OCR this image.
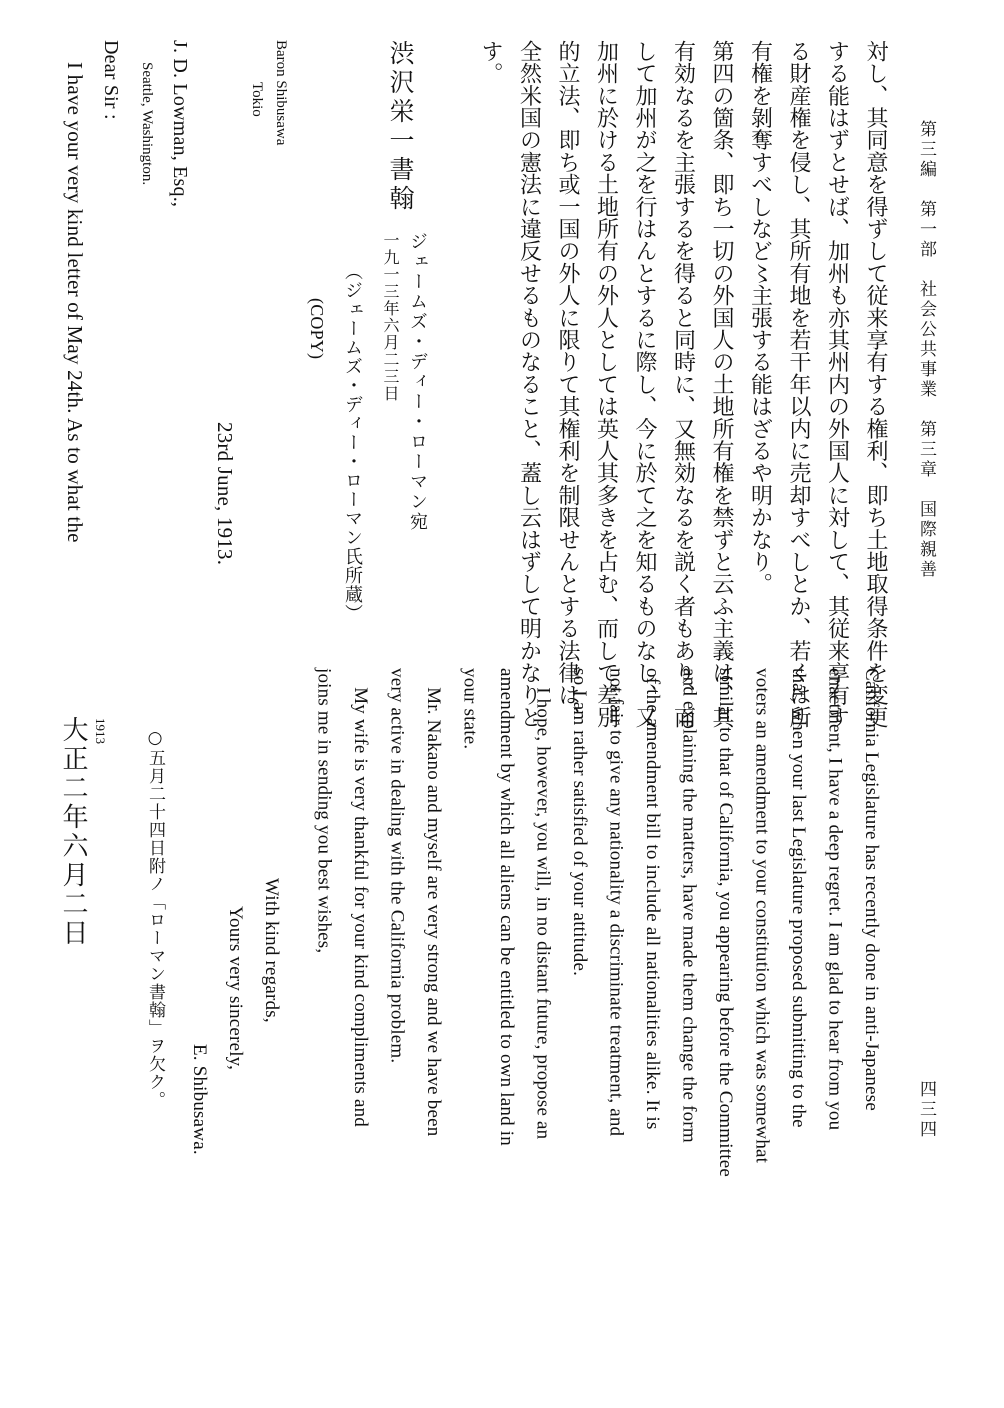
第三編　第一部　社会公共事業　第三章　国際親善
四三四
対し、其同意を得ずして従来享有する権利、即ち土地取得条件を変更
する能はずとせば、加州も亦其州内の外国人に対して、其従来享有す
る財産権を侵し、其所有地を若干年以内に売却すべしとか、若くは所
有権を剝奪すべしなど〻主張する能はざるや明かなり。
第四の箇条、即ち一切の外国人の土地所有権を禁ずと云ふ主義は、其
有効なるを主張するを得ると同時に、又無効なるを説く者もあり、而
して加州が之を行はんとするに際し、今に於て之を知るものなし、又
加州に於ける土地所有の外人としては英人其多きを占む、而して差別
的立法、即ち或一国の外人に限りて其権利を制限せんとする法律は、
全然米国の憲法に違反せるものなること、蓋し云はずして明かなりと
す。
渋沢栄一書翰
ジェームズ・ディー・ローマン宛
一九一三年六月二三日
（ジェームズ・ディー・ローマン氏所蔵）
(COPY)
Baron Shibusawa
Tokio
23rd June, 1913.
J. D. Lowman, Esq.,
Seattle, Washington.
Dear Sir :
I have your very kind letter of May 24th. As to what the
California Legislature has recently done in anti-Japanese
enactment, I have a deep regret. I am glad to hear from you
that, when your last Legislature proposed submitting to the
voters an amendment to your constitution which was somewhat
similar to that of California, you appearing before the Committee
and explaining the matters, have made them change the form
of the amendment bill to include all nationalities alike. It is
not fair to give any nationality a discriminate treatment, and
so I am rather satisfied of your attitude.
　I hope, however, you will, in no distant future, propose an
amendment by which all aliens can be entitled to own land in
your state.
　Mr. Nakano and myself are very strong and we have been
very active in dealing with the California problem.
　My wife is very thankful for your kind compliments and
joins me in sending you best wishes,
With kind regards,
Yours very sincerely,
E. Shibusawa.
○五月二十四日附ノ「ローマン書翰」ヲ欠ク。
1913
大正二年六月二日
